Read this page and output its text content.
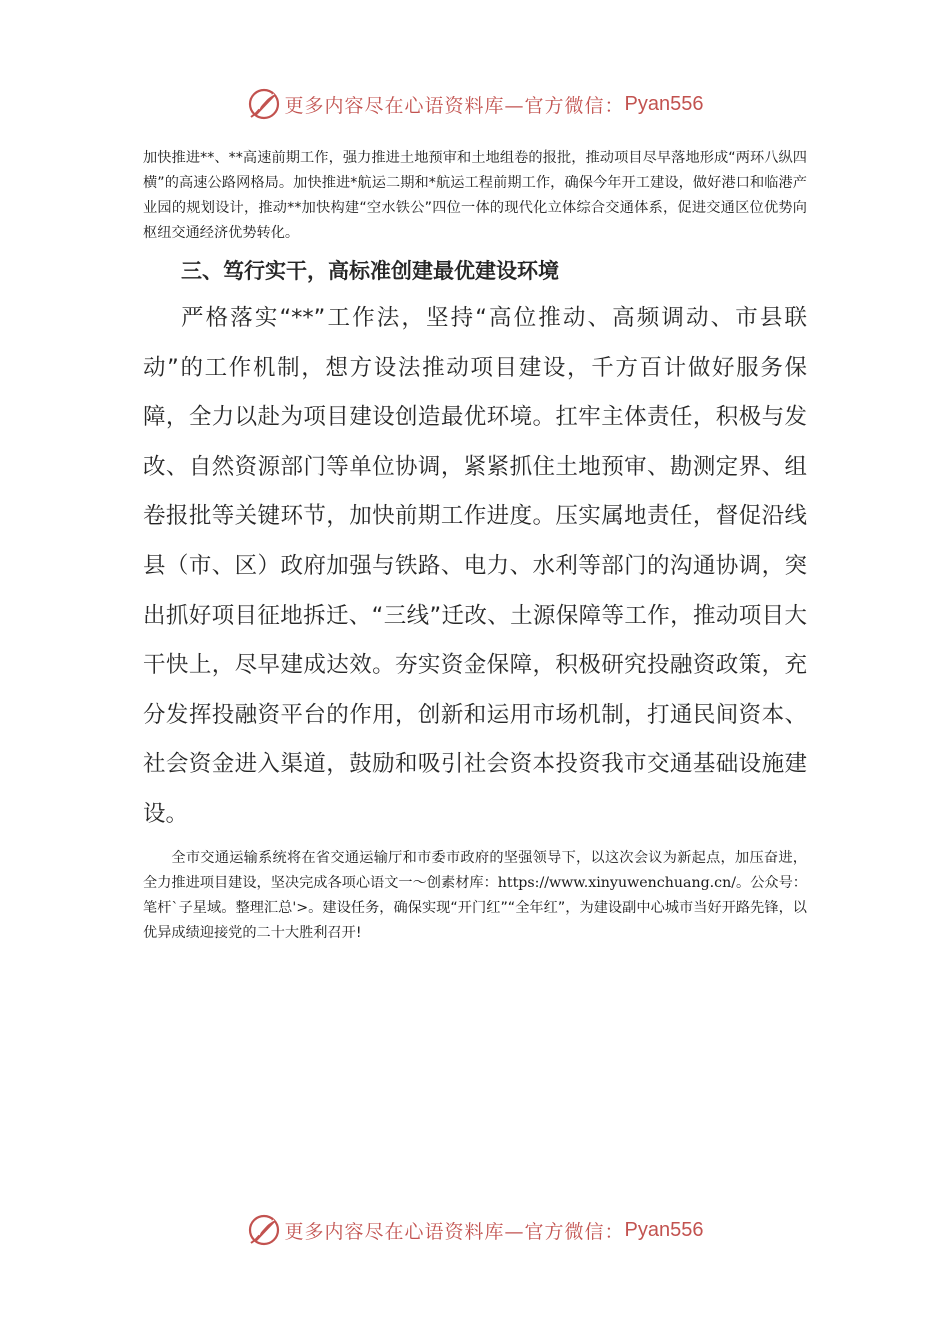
更多内容尽在心语资料库—官方微信： Pyan556

加快推进**、**高速前期工作，强力推进土地预审和土地组卷的报批，推动项目尽早落地形成“两环八纵四横”的高速公路网格局。加快推进*航运二期和*航运工程前期工作，确保今年开工建设，做好港口和临港产业园的规划设计，推动**加快构建“空水铁公”四位一体的现代化立体综合交通体系，促进交通区位优势向枢纽交通经济优势转化。

三、笃行实干，高标准创建最优建设环境

严格落实“**”工作法，坚持“高位推动、高频调动、市县联动”的工作机制，想方设法推动项目建设，千方百计做好服务保障，全力以赴为项目建设创造最优环境。扛牢主体责任，积极与发改、自然资源部门等单位协调，紧紧抓住土地预审、勘测定界、组卷报批等关键环节，加快前期工作进度。压实属地责任，督促沿线县（市、区）政府加强与铁路、电力、水利等部门的沟通协调，突出抓好项目征地拆迁、“三线”迁改、土源保障等工作，推动项目大干快上，尽早建成达效。夯实资金保障，积极研究投融资政策，充分发挥投融资平台的作用，创新和运用市场机制，打通民间资本、社会资金进入渠道，鼓励和吸引社会资本投资我市交通基础设施建设。

全市交通运输系统将在省交通运输厅和市委市政府的坚强领导下，以这次会议为新起点，加压奋进，全力推进项目建设，坚决完成各项心语文一～创素材库：https://www.xinyuwenchuang.cn/。公众号：笔杆`子星域。整理汇总'>。建设任务，确保实现“开门红”“全年红”，为建设副中心城市当好开路先锋，以优异成绩迎接党的二十大胜利召开!

更多内容尽在心语资料库—官方微信： Pyan556
